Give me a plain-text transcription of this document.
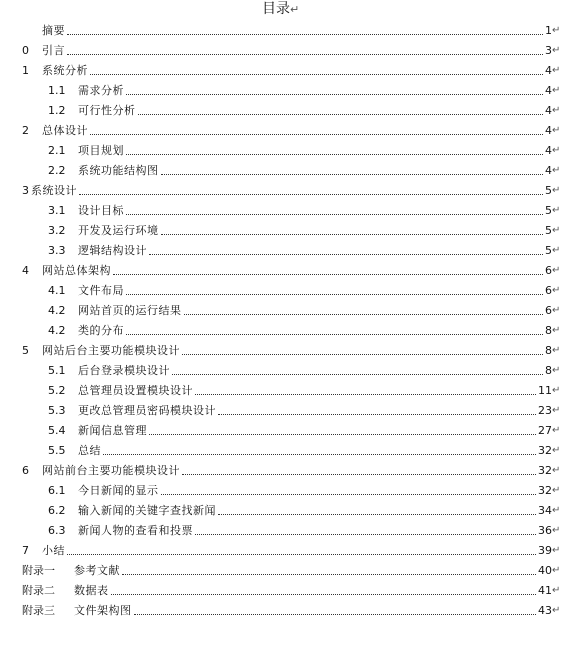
目录↵
摘要	1 ↵
0	引言	3 ↵
1	系统分析	4 ↵
1.1	需求分析	4 ↵
1.2	可行性分析	4 ↵
2	总体设计	4 ↵
2.1	项目规划	4 ↵
2.2	系统功能结构图	4 ↵
3 系统设计	5 ↵
3.1	设计目标	5 ↵
3.2	开发及运行环境	5 ↵
3.3	逻辑结构设计	5 ↵
4	网站总体架构	6 ↵
4.1	文件布局	6 ↵
4.2	网站首页的运行结果	6 ↵
4.2	类的分布	8 ↵
5	网站后台主要功能模块设计	8 ↵
5.1	后台登录模块设计	8 ↵
5.2	总管理员设置模块设计	11 ↵
5.3	更改总管理员密码模块设计	23 ↵
5.4	新闻信息管理	27 ↵
5.5	总结	32 ↵
6	网站前台主要功能模块设计	32 ↵
6.1	今日新闻的显示	32 ↵
6.2	输入新闻的关键字查找新闻	34 ↵
6.3	新闻人物的查看和投票	36 ↵
7	小结	39 ↵
附录一	参考文献	40 ↵
附录二	数据表	41 ↵
附录三	文件架构图	43 ↵
